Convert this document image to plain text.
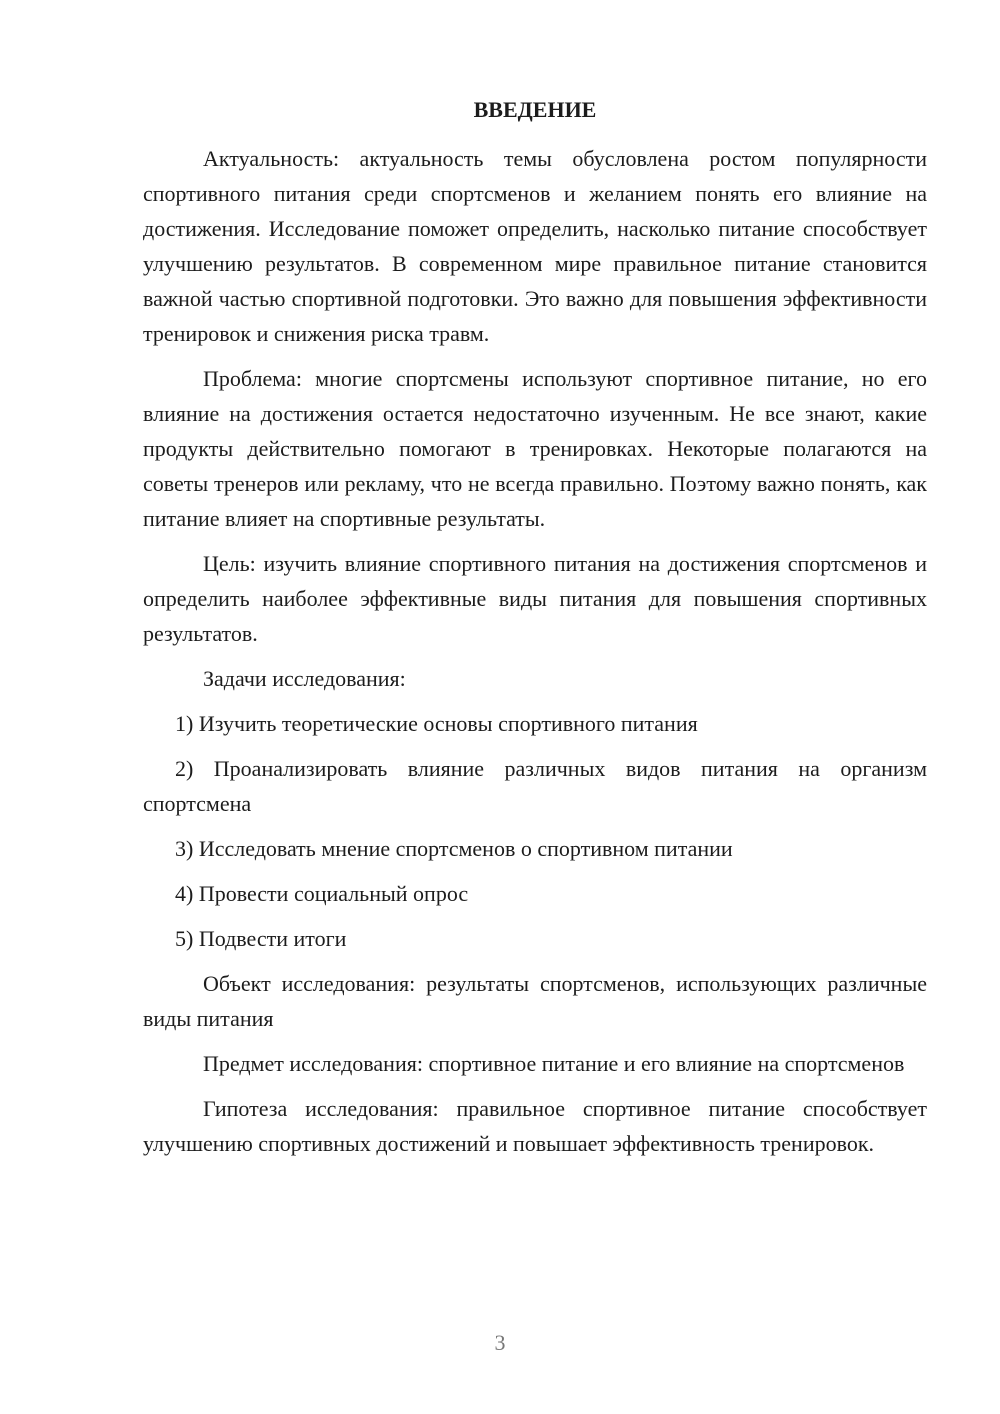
ВВЕДЕНИЕ

Актуальность: актуальность темы обусловлена ростом популярности спортивного питания среди спортсменов и желанием понять его влияние на достижения. Исследование поможет определить, насколько питание способствует улучшению результатов. В современном мире правильное питание становится важной частью спортивной подготовки. Это важно для повышения эффективности тренировок и снижения риска травм.

Проблема: многие спортсмены используют спортивное питание, но его влияние на достижения остается недостаточно изученным. Не все знают, какие продукты действительно помогают в тренировках. Некоторые полагаются на советы тренеров или рекламу, что не всегда правильно. Поэтому важно понять, как питание влияет на спортивные результаты.

Цель: изучить влияние спортивного питания на достижения спортсменов и определить наиболее эффективные виды питания для повышения спортивных результатов.

Задачи исследования:

1) Изучить теоретические основы спортивного питания

2) Проанализировать влияние различных видов питания на организм спортсмена

3) Исследовать мнение спортсменов о спортивном питании

4) Провести социальный опрос

5) Подвести итоги

Объект исследования: результаты спортсменов, использующих различные виды питания

Предмет исследования: спортивное питание и его влияние на спортсменов

Гипотеза исследования: правильное спортивное питание способствует улучшению спортивных достижений и повышает эффективность тренировок.

3
